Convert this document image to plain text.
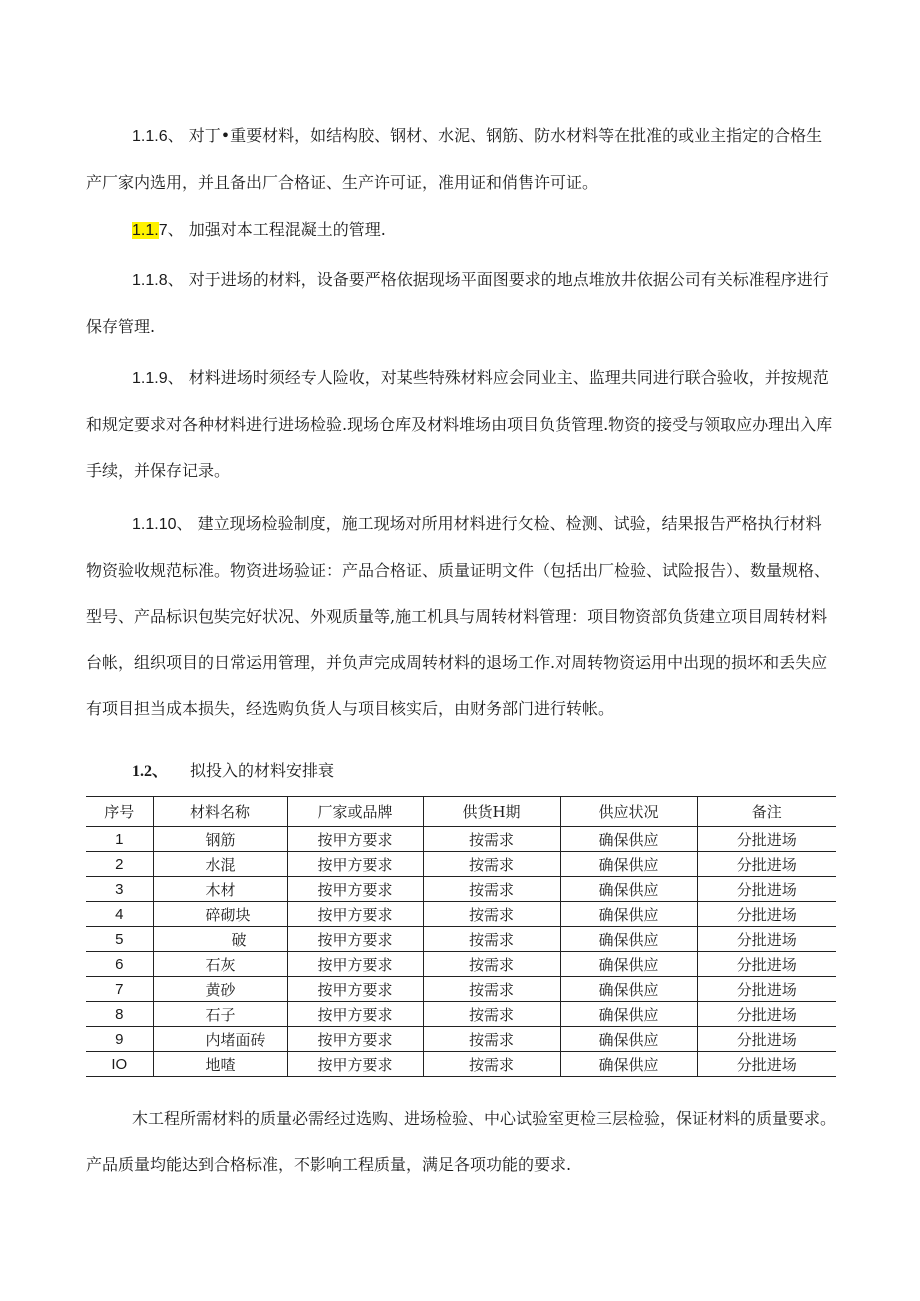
1.1.6、 对丁•重要材料，如结构胶、钢材、水泥、钢筋、防水材料等在批准的或业主指定的合格生产厂家内选用，并且备出厂合格证、生产许可证，准用证和俏售许可证。

1.1.7、 加强对本工程混凝土的管理.

1.1.8、 对于进场的材料，设备要严格依据现场平面图要求的地点堆放井依据公司有关标准程序进行保存管理.

1.1.9、 材料进场时须经专人险收，对某些特殊材料应会同业主、监理共同进行联合验收，并按规范和规定要求对各种材料进行进场检验.现场仓库及材料堆场由项目负货管理.物资的接受与领取应办理出入库手续，并保存记录。

1.1.10、 建立现场检验制度，施工现场对所用材料进行攵检、检测、试验，结果报告严格执行材料物资验收规范标准。物资进场验证：产品合格证、质量证明文件（包括出厂检验、试险报告）、数量规格、型号、产品标识包奘完好状况、外观质量等,施工机具与周转材料管理：项目物资部负货建立项目周转材料台帐，组织项目的日常运用管理，并负声完成周转材料的退场工作.对周转物资运用中出现的损坏和丢失应有项目担当成本损失，经选购负货人与项目核实后，由财务部门进行转帐。

1.2、 拟投入的材料安排衰
序号	材料名称	厂家或品牌	供货H期	供应状况	备注
1	钢筋	按甲方要求	按需求	确保供应	分批进场
2	水混	按甲方要求	按需求	确保供应	分批进场
3	木材	按甲方要求	按需求	确保供应	分批进场
4	碎砌块	按甲方要求	按需求	确保供应	分批进场
5	破	按甲方要求	按需求	确保供应	分批进场
6	石灰	按甲方要求	按需求	确保供应	分批进场
7	黄砂	按甲方要求	按需求	确保供应	分批进场
8	石子	按甲方要求	按需求	确保供应	分批进场
9	内堵面砖	按甲方要求	按需求	确保供应	分批进场
IO	地喳	按甲方要求	按需求	确保供应	分批进场

木工程所需材料的质量必需经过选购、进场检验、中心试验室更检三层检验，保证材料的质量要求。产品质量均能达到合格标准，不影响工程质量，满足各项功能的要求.
